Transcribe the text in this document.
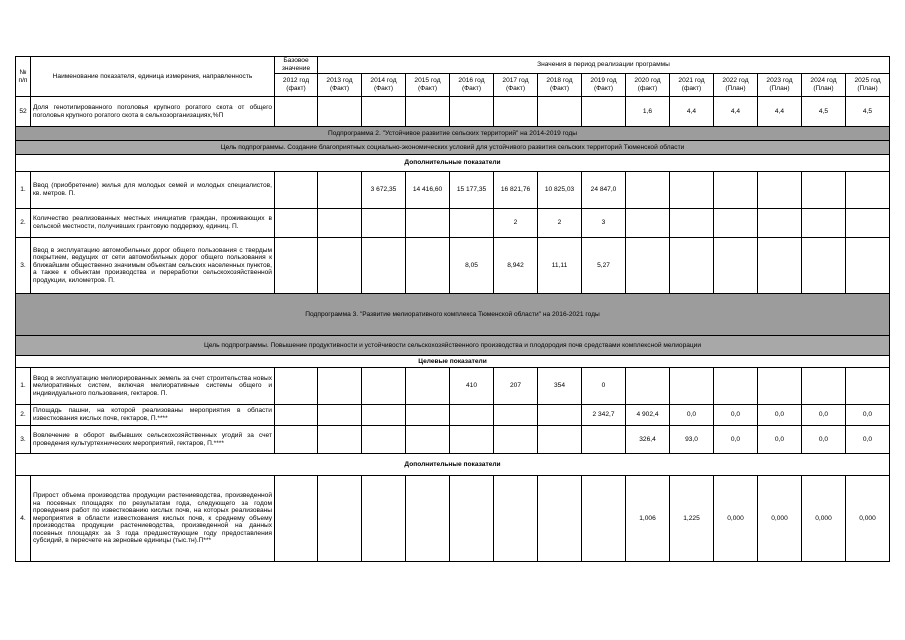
№ п/п	Наименование показателя, единица измерения, направленность	Базовое значение	Значения в период реализации программы												
		2012 год (факт)	2013 год (Факт)	2014 год (Факт)	2015 год (Факт)	2016 год (Факт)	2017 год (Факт)	2018 год (Факт)	2019 год (Факт)	2020 год (факт)	2021 год (факт)	2022 год (План)	2023 год (План)	2024 год (План)	2025 год (План)
52	Доля генотипированного поголовья крупного рогатого скота от общего поголовья крупного рогатого скота в сельхозорганизациях,%П									1,6	4,4	4,4	4,4	4,5	4,5
Подпрограмма 2. "Устойчивое развитие сельских территорий" на 2014-2019 годы															
Цель подпрограммы. Создание благоприятных социально-экономических условий для устойчивого развития сельских территорий Тюменской области															
Дополнительные показатели															
1.	Ввод (приобретение) жилья для молодых семей и молодых специалистов, кв. метров. П.			3 672,35	14 416,60	15 177,35	16 821,76	10 825,03	24 847,0						
2.	Количество реализованных местных инициатив граждан, проживающих в сельской местности, получивших грантовую поддержку, единиц. П.						2	2	3						
3.	Ввод в эксплуатацию автомобильных дорог общего пользования с твердым покрытием, ведущих от сети автомобильных дорог общего пользования к ближайшим общественно значимым объектам сельских населенных пунктов, а также к объектам производства и переработки сельскохозяйственной продукции, километров. П.					8,05	8,942	11,11	5,27						
Подпрограмма 3. "Развитие мелиоративного комплекса Тюменской области" на 2016-2021 годы															
Цель подпрограммы. Повышение продуктивности и устойчивости сельскохозяйственного производства и плодородия почв средствами комплексной мелиорации															
Целевые показатели															
1.	Ввод в эксплуатацию мелиорированных земель за счет строительства новых мелиоративных систем, включая мелиоративные системы общего и индивидуального пользования, гектаров. П.					410	207	354	0						
2.	Площадь пашни, на которой реализованы мероприятия в области известкования кислых почв, гектаров, П.****								2 342,7	4 902,4	0,0	0,0	0,0	0,0	0,0
3.	Вовлечение в оборот выбывших сельскохозяйственных угодий за счет проведения культуртехнических мероприятий, гектаров, П.****									326,4	93,0	0,0	0,0	0,0	0,0
Дополнительные показатели															
4.	Прирост объема производства продукции растениеводства, произведенной на посевных площадях по результатам года, следующего за годом проведения работ по известкованию кислых почв, на которых реализованы мероприятия в области известкования кислых почв, к среднему объему производства продукции растениеводства, произведенной на данных посевных площадях за 3 года предшествующие году предоставления субсидий, в пересчете на зерновые единицы (тыс.тн).П***									1,006	1,225	0,000	0,000	0,000	0,000
